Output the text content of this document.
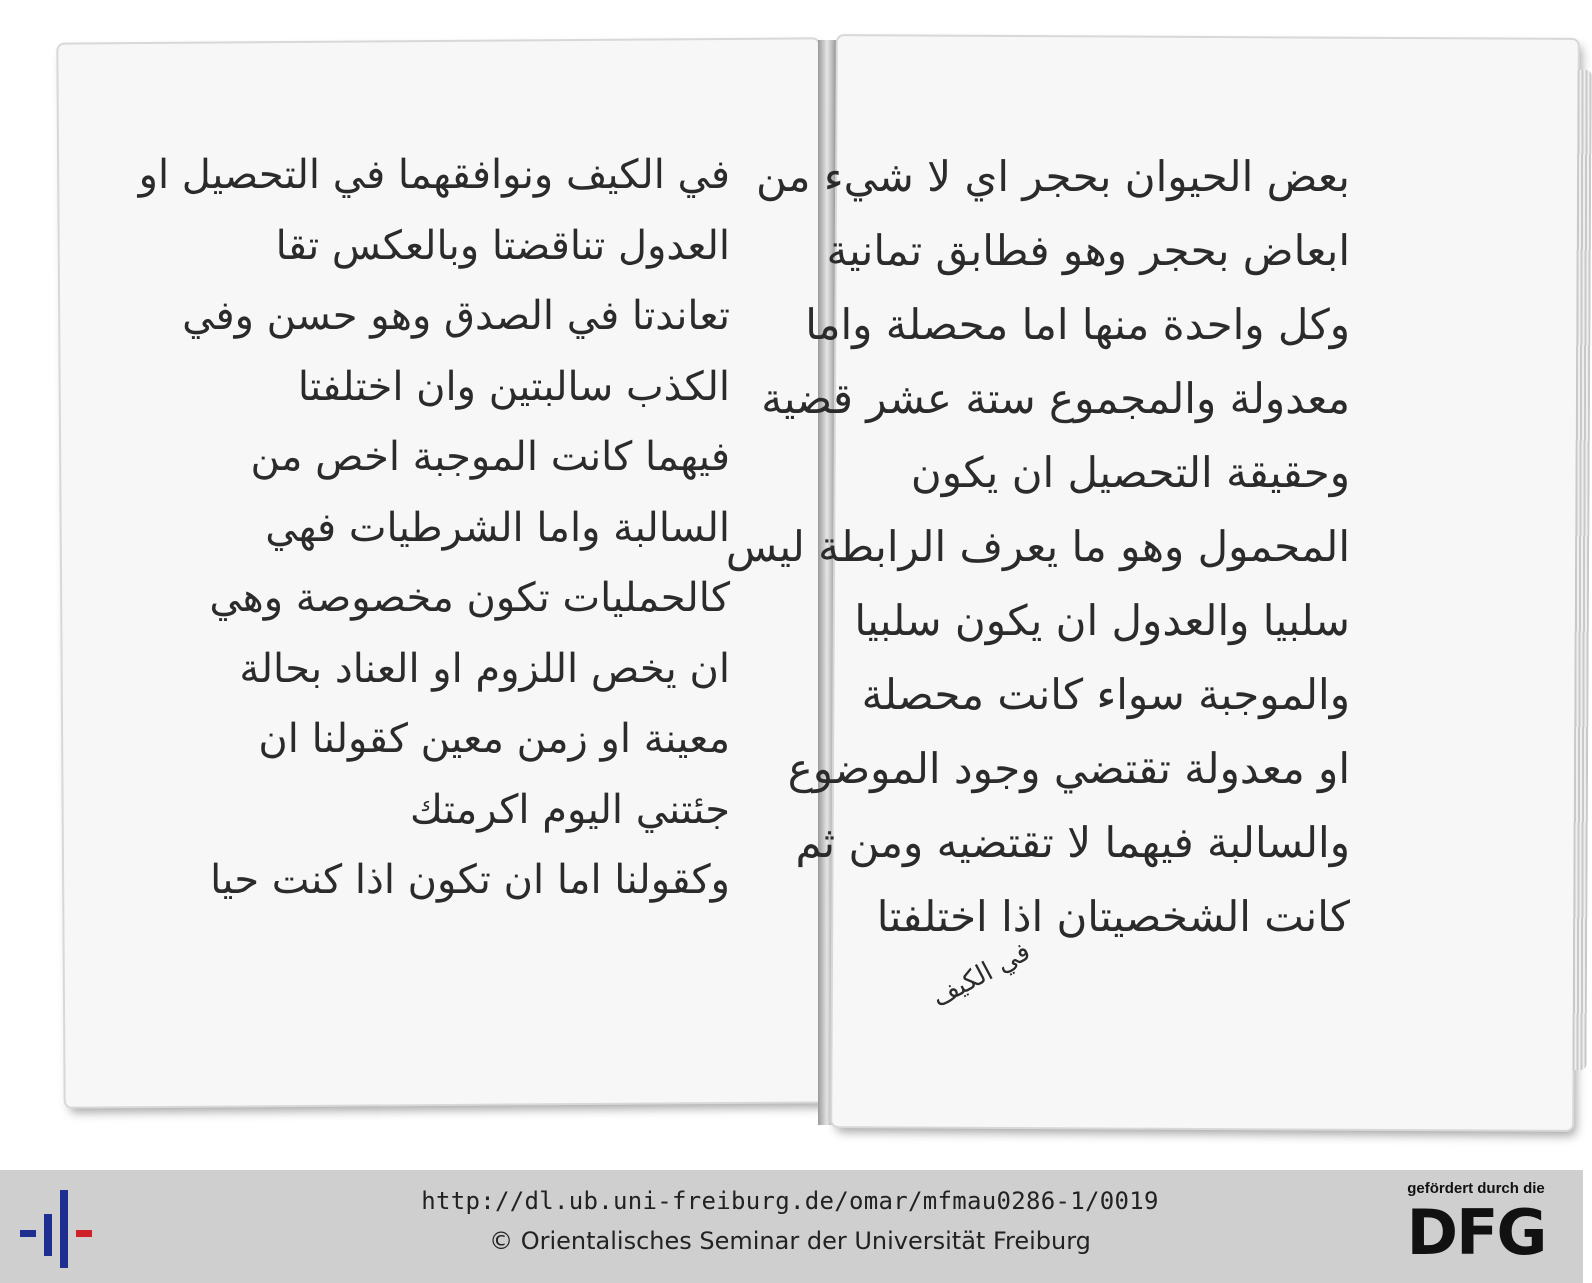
في الكيف ونوافقهما في التحصيل او
العدول تناقضتا وبالعكس تقا
تعاندتا في الصدق وهو حسن وفي
الكذب سالبتين وان اختلفتا
فيهما كانت الموجبة اخص من
السالبة واما الشرطيات فهي
كالحمليات تكون مخصوصة وهي
ان يخص اللزوم او العناد بحالة
معينة او زمن معين كقولنا ان
جئتني اليوم اكرمتك
وكقولنا اما ان تكون اذا كنت حيا
بعض الحيوان بحجر اي لا شيء من
ابعاض بحجر وهو فطابق تمانية
وكل واحدة منها اما محصلة واما
معدولة والمجموع ستة عشر قضية
وحقيقة التحصيل ان يكون
المحمول وهو ما يعرف الرابطة ليس
سلبيا والعدول ان يكون سلبيا
والموجبة سواء كانت محصلة
او معدولة تقتضي وجود الموضوع
والسالبة فيهما لا تقتضيه ومن ثم
كانت الشخصيتان اذا اختلفتا
في الكيف
http://dl.ub.uni-freiburg.de/omar/mfmau0286-1/0019
© Orientalisches Seminar der Universität Freiburg
gefördert durch die
DFG
